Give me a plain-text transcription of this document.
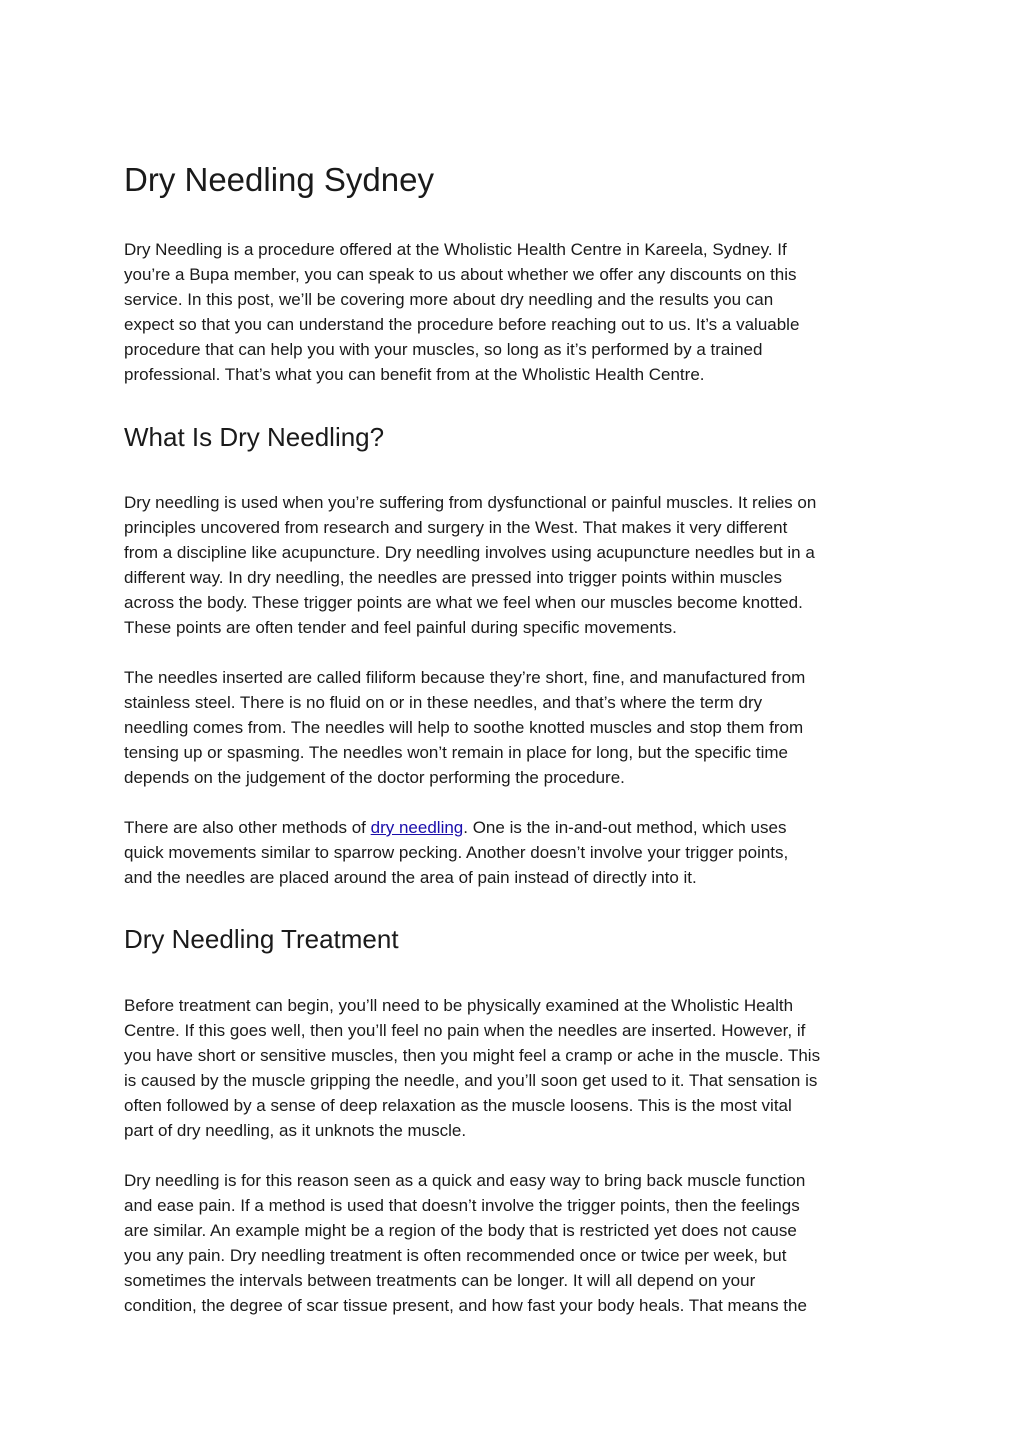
Dry Needling Sydney

Dry Needling is a procedure offered at the Wholistic Health Centre in Kareela, Sydney. If
you’re a Bupa member, you can speak to us about whether we offer any discounts on this
service. In this post, we’ll be covering more about dry needling and the results you can
expect so that you can understand the procedure before reaching out to us. It’s a valuable
procedure that can help you with your muscles, so long as it’s performed by a trained
professional. That’s what you can benefit from at the Wholistic Health Centre.

What Is Dry Needling?

Dry needling is used when you’re suffering from dysfunctional or painful muscles. It relies on
principles uncovered from research and surgery in the West. That makes it very different
from a discipline like acupuncture. Dry needling involves using acupuncture needles but in a
different way. In dry needling, the needles are pressed into trigger points within muscles
across the body. These trigger points are what we feel when our muscles become knotted.
These points are often tender and feel painful during specific movements.

The needles inserted are called filiform because they’re short, fine, and manufactured from
stainless steel. There is no fluid on or in these needles, and that’s where the term dry
needling comes from. The needles will help to soothe knotted muscles and stop them from
tensing up or spasming. The needles won’t remain in place for long, but the specific time
depends on the judgement of the doctor performing the procedure.

There are also other methods of dry needling. One is the in-and-out method, which uses
quick movements similar to sparrow pecking. Another doesn’t involve your trigger points,
and the needles are placed around the area of pain instead of directly into it.

Dry Needling Treatment

Before treatment can begin, you’ll need to be physically examined at the Wholistic Health
Centre. If this goes well, then you’ll feel no pain when the needles are inserted. However, if
you have short or sensitive muscles, then you might feel a cramp or ache in the muscle. This
is caused by the muscle gripping the needle, and you’ll soon get used to it. That sensation is
often followed by a sense of deep relaxation as the muscle loosens. This is the most vital
part of dry needling, as it unknots the muscle.

Dry needling is for this reason seen as a quick and easy way to bring back muscle function
and ease pain. If a method is used that doesn’t involve the trigger points, then the feelings
are similar. An example might be a region of the body that is restricted yet does not cause
you any pain. Dry needling treatment is often recommended once or twice per week, but
sometimes the intervals between treatments can be longer. It will all depend on your
condition, the degree of scar tissue present, and how fast your body heals. That means the
